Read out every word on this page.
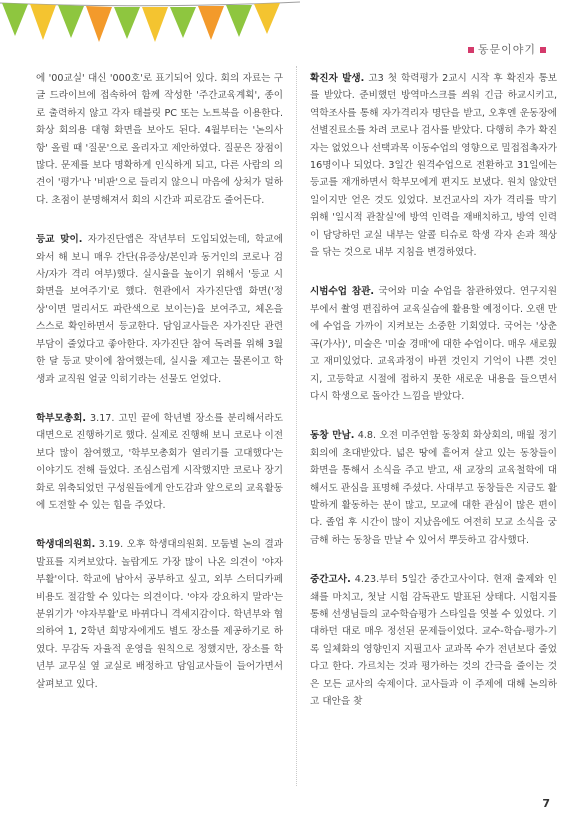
동문이야기

에 '00교실' 대신 '000호'로 표기되어 있다. 회의 자료는 구글 드라이브에 접속하여 함께 작성한 '주간교육계획', 종이로 출력하지 않고 각자 태블릿 PC 또는 노트북을 이용한다. 화상 회의용 대형 화면을 보아도 된다. 4월부터는 '논의사항' 올릴 때 '질문'으로 올리자고 제안하였다. 질문은 장점이 많다. 문제를 보다 명확하게 인식하게 되고, 다른 사람의 의견이 '평가'나 '비판'으로 들리지 않으니 마음에 상처가 덜하다. 초점이 분명해져서 회의 시간과 피로감도 줄어든다.

등교 맞이. 자가진단앱은 작년부터 도입되었는데, 학교에 와서 해 보니 매우 간단(유증상/본인과 동거인의 코로나 검사/자가 격리 여부)했다. 실시율을 높이기 위해서 '등교 시 화면을 보여주기'로 했다. 현관에서 자가진단앱 화면('정상'이면 멀리서도 파란색으로 보이는)을 보여주고, 체온을 스스로 확인하면서 등교한다. 담임교사들은 자가진단 관련 부담이 줄었다고 좋아한다. 자가진단 참여 독려를 위해 3월 한 달 등교 맞이에 참여했는데, 실시율 제고는 물론이고 학생과 교직원 얼굴 익히기라는 선물도 얻었다.

학부모총회. 3.17. 고민 끝에 학년별 장소를 분리해서라도 대면으로 진행하기로 했다. 실제로 진행해 보니 코로나 이전보다 많이 참여했고, '학부모총회가 열리기를 고대했다'는 이야기도 전해 들었다. 조심스럽게 시작했지만 코로나 장기화로 위축되었던 구성원들에게 안도감과 앞으로의 교육활동에 도전할 수 있는 힘을 주었다.

학생대의원회. 3.19. 오후 학생대의원회. 모둠별 논의 결과 발표를 지켜보았다. 놀랍게도 가장 많이 나온 의견이 '야자부활'이다. 학교에 남아서 공부하고 싶고, 외부 스터디카페 비용도 절감할 수 있다는 의견이다. '야자 강요하지 말라'는 분위기가 '야자부활'로 바뀌다니 격세지감이다. 학년부와 협의하여 1, 2학년 희망자에게도 별도 장소를 제공하기로 하였다. 무감독 자율적 운영을 원칙으로 정했지만, 장소를 학년부 교무실 옆 교실로 배정하고 담임교사들이 들어가면서 살펴보고 있다.

확진자 발생. 고3 첫 학력평가 2교시 시작 후 확진자 통보를 받았다. 준비했던 방역마스크를 씌워 긴급 하교시키고, 역학조사를 통해 자가격리자 명단을 받고, 오후엔 운동장에 선별진료소를 차려 코로나 검사를 받았다. 다행히 추가 확진자는 없었으나 선택과목 이동수업의 영향으로 밀접접촉자가 16명이나 되었다. 3일간 원격수업으로 전환하고 31일에는 등교를 재개하면서 학부모에게 편지도 보냈다. 원치 않았던 일이지만 얻은 것도 있었다. 보건교사의 자가 격리를 막기 위해 '일시적 관찰실'에 방역 인력을 재배치하고, 방역 인력이 담당하던 교실 내부는 알콜 티슈로 학생 각자 손과 책상을 닦는 것으로 내부 지침을 변경하였다.

시범수업 참관. 국어와 미술 수업을 참관하였다. 연구지원부에서 촬영 편집하여 교육실습에 활용할 예정이다. 오랜 만에 수업을 가까이 지켜보는 소중한 기회였다. 국어는 '상춘곡(가사)', 미술은 '미술 경매'에 대한 수업이다. 매우 새로웠고 재미있었다. 교육과정이 바뀐 것인지 기억이 나쁜 것인지, 고등학교 시절에 접하지 못한 새로운 내용을 들으면서 다시 학생으로 돌아간 느낌을 받았다.

동창 만남. 4.8. 오전 미주연합 동창회 화상회의, 매월 정기 회의에 초대받았다. 넓은 땅에 흩어져 살고 있는 동창들이 화면을 통해서 소식을 주고 받고, 새 교장의 교육철학에 대해서도 관심을 표명해 주셨다. 사대부고 동창들은 지금도 활발하게 활동하는 분이 많고, 모교에 대한 관심이 많은 편이다. 졸업 후 시간이 많이 지났음에도 여전히 모교 소식을 궁금해 하는 동창을 만날 수 있어서 뿌듯하고 감사했다.

중간고사. 4.23.부터 5일간 중간고사이다. 현재 출제와 인쇄를 마치고, 첫날 시험 감독관도 발표된 상태다. 시험지를 통해 선생님들의 교수학습평가 스타일을 엿볼 수 있었다. 기대하던 대로 매우 정선된 문제들이었다. 교수-학습-평가-기록 일체화의 영향인지 지필고사 교과목 수가 전년보다 줄었다고 한다. 가르치는 것과 평가하는 것의 간극을 줄이는 것은 모든 교사의 숙제이다. 교사들과 이 주제에 대해 논의하고 대안을 찾

7
